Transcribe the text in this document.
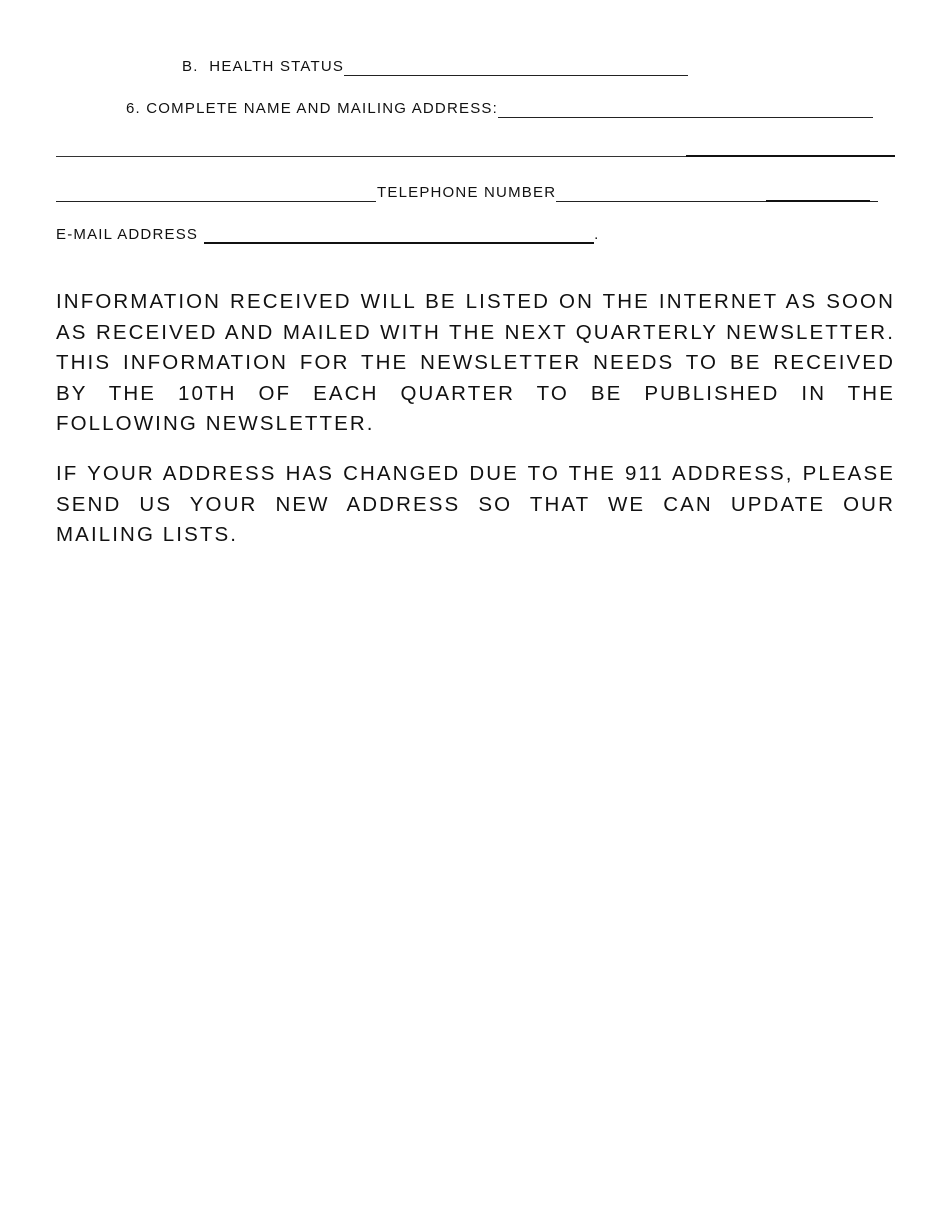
B.  HEALTH STATUS
6. COMPLETE NAME AND MAILING ADDRESS:
TELEPHONE NUMBER
E-MAIL ADDRESS	.

INFORMATION RECEIVED WILL BE LISTED ON THE INTERNET AS SOON AS RECEIVED AND MAILED WITH THE NEXT QUARTERLY NEWSLETTER. THIS INFORMATION FOR THE NEWSLETTER NEEDS TO BE RECEIVED BY THE 10TH OF EACH QUARTER TO BE PUBLISHED IN THE FOLLOWING NEWSLETTER.

IF YOUR ADDRESS HAS CHANGED DUE TO THE 911 ADDRESS, PLEASE SEND US YOUR NEW ADDRESS SO THAT WE CAN UPDATE OUR MAILING LISTS.
